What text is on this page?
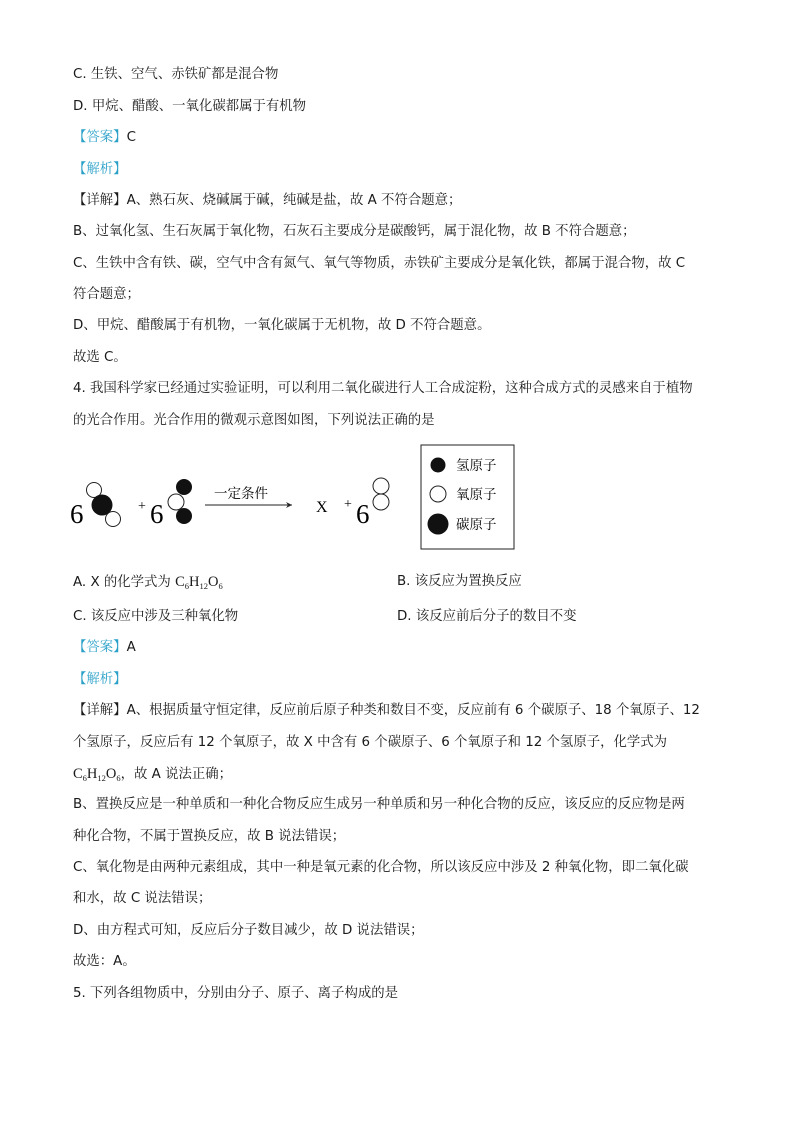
C. 生铁、空气、赤铁矿都是混合物
D. 甲烷、醋酸、一氧化碳都属于有机物
【答案】C
【解析】
【详解】A、熟石灰、烧碱属于碱，纯碱是盐，故 A 不符合题意；
B、过氧化氢、生石灰属于氧化物，石灰石主要成分是碳酸钙，属于混化物，故 B 不符合题意；
C、生铁中含有铁、碳，空气中含有氮气、氧气等物质，赤铁矿主要成分是氧化铁，都属于混合物，故 C
符合题意；
D、甲烷、醋酸属于有机物，一氧化碳属于无机物，故 D 不符合题意。
故选 C。
4. 我国科学家已经通过实验证明，可以利用二氧化碳进行人工合成淀粉，这种合成方式的灵感来自于植物
的光合作用。光合作用的微观示意图如图，下列说法正确的是
6	+ 6
一定条件
X + 6
氢原子
氧原子
碳原子
A. X 的化学式为 $C_6H_{12}O_6$	B. 该反应为置换反应
C. 该反应中涉及三种氧化物	D. 该反应前后分子的数目不变
【答案】A
【解析】
【详解】A、根据质量守恒定律，反应前后原子种类和数目不变，反应前有 6 个碳原子、18 个氧原子、12
个氢原子，反应后有 12 个氧原子，故 X 中含有 6 个碳原子、6 个氧原子和 12 个氢原子，化学式为
$C_6H_{12}O_6$，故 A 说法正确；
B、置换反应是一种单质和一种化合物反应生成另一种单质和另一种化合物的反应，该反应的反应物是两
种化合物，不属于置换反应，故 B 说法错误；
C、氧化物是由两种元素组成，其中一种是氧元素的化合物，所以该反应中涉及 2 种氧化物，即二氧化碳
和水，故 C 说法错误；
D、由方程式可知，反应后分子数目减少，故 D 说法错误；
故选：A。
5. 下列各组物质中，分别由分子、原子、离子构成的是
